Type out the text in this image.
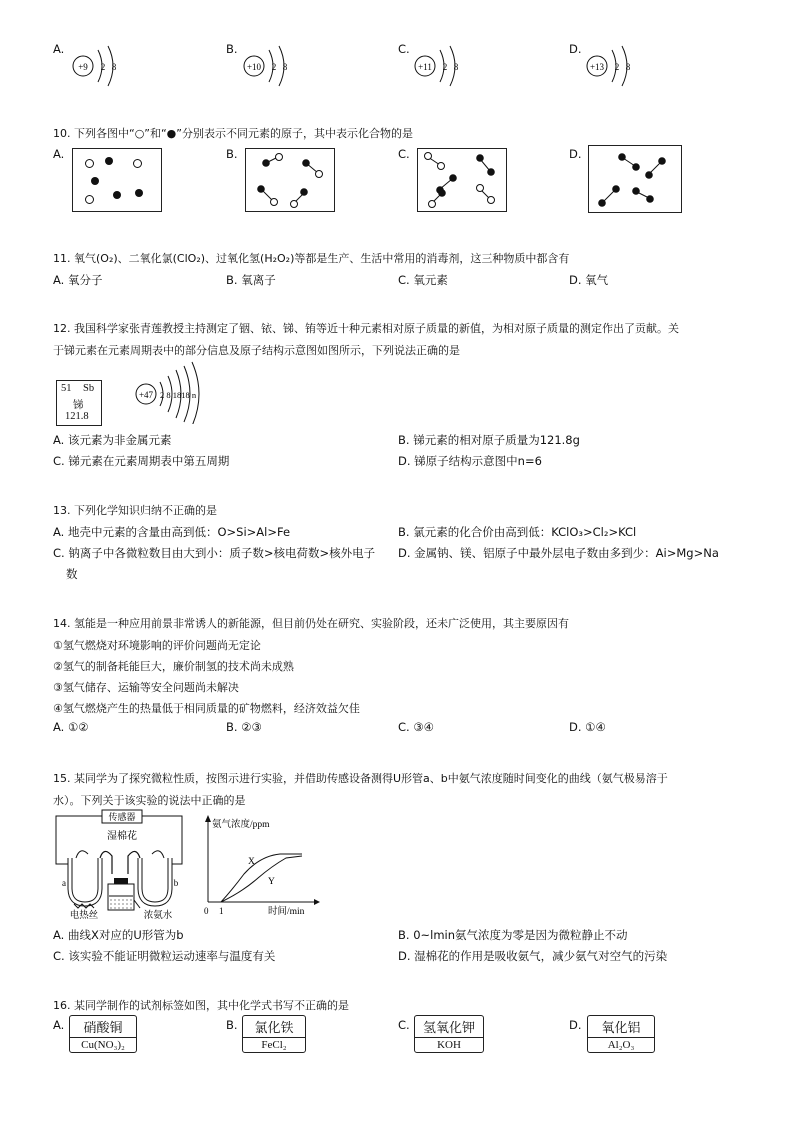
A.
+9 2 8
B.
+10 2 8
C.
+11 2 8
D.
+13 2 8
10. 下列各图中“○”和“●”分别表示不同元素的原子，其中表示化合物的是
A.	B.	C.	D.
11. 氧气(O₂)、二氧化氯(ClO₂)、过氧化氢(H₂O₂)等都是生产、生活中常用的消毒剂，这三种物质中都含有
A. 氧分子	B. 氧离子	C. 氧元素	D. 氧气
12. 我国科学家张青莲教授主持测定了铟、铱、锑、铕等近十种元素相对原子质量的新值，为相对原子质量的测定作出了贡献。关
于锑元素在元素周期表中的部分信息及原子结构示意图如图所示，下列说法正确的是
51 Sb
锑
121.8
+47 2 8 1818 n
A. 该元素为非金属元素	B. 锑元素的相对原子质量为121.8g
C. 锑元素在元素周期表中第五周期	D. 锑原子结构示意图中n=6
13. 下列化学知识归纳不正确的是
A. 地壳中元素的含量由高到低：O>Si>Al>Fe	B. 氯元素的化合价由高到低：KClO₃>Cl₂>KCl
C. 钠离子中各微粒数目由大到小：质子数>核电荷数>核外电子
数
D. 金属钠、镁、铝原子中最外层电子数由多到少：Ai>Mg>Na
14. 氢能是一种应用前景非常诱人的新能源，但目前仍处在研究、实验阶段，还未广泛使用，其主要原因有
①氢气燃烧对环境影响的评价问题尚无定论
②氢气的制备耗能巨大，廉价制氢的技术尚未成熟
③氢气储存、运输等安全问题尚未解决
④氢气燃烧产生的热量低于相同质量的矿物燃料，经济效益欠佳
A. ①②	B. ②③	C. ③④	D. ①④
15. 某同学为了探究微粒性质，按图示进行实验，并借助传感设备测得U形管a、b中氨气浓度随时间变化的曲线（氨气极易溶于
水）。下列关于该实验的说法中正确的是
传感器
湿棉花
a	b
电热丝	浓氨水
氨气浓度/ppm
0 1	时间/min
X
Y
A. 曲线X对应的U形管为b	B. 0~lmin氨气浓度为零是因为微粒静止不动
C. 该实验不能证明微粒运动速率与温度有关	D. 湿棉花的作用是吸收氨气，减少氨气对空气的污染
16. 某同学制作的试剂标签如图，其中化学式书写不正确的是
A.	硝酸铜
Cu(NO₃)₂
B.	氯化铁
FeCl₂
C.	氢氧化钾
KOH
D.	氧化铝
Al₂O₃
